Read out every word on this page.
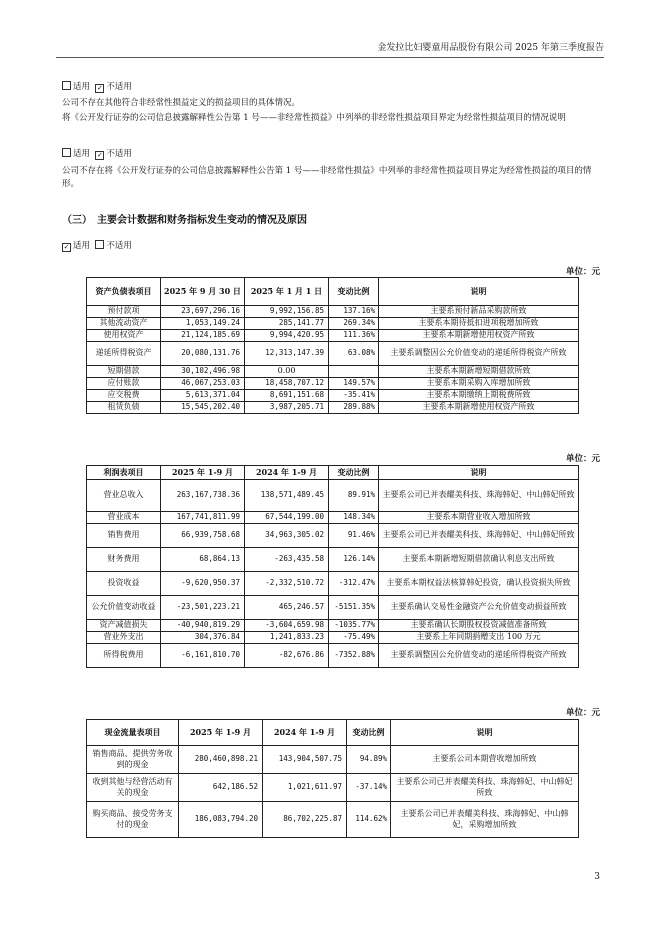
金发拉比妇婴童用品股份有限公司 2025 年第三季度报告
适用 ✓ 不适用
公司不存在其他符合非经常性损益定义的损益项目的具体情况。
将《公开发行证券的公司信息披露解释性公告第 1 号——非经常性损益》中列举的非经常性损益项目界定为经常性损益项目的情况说明
适用 ✓ 不适用
公司不存在将《公开发行证券的公司信息披露解释性公告第 1 号——非经常性损益》中列举的非经常性损益项目界定为经常性损益的项目的情形。
（三）　主要会计数据和财务指标发生变动的情况及原因
✓ 适用 不适用
单位：元
资产负债表项目	2025 年 9 月 30 日	2025 年 1 月 1 日	变动比例	说明
预付款项	23,697,296.16	9,992,156.85	137.16%	主要系预付新品采购款所致
其他流动资产	1,053,149.24	285,141.77	269.34%	主要系本期待抵扣进项税增加所致
使用权资产	21,124,185.69	9,994,420.95	111.36%	主要系本期新增使用权资产所致
递延所得税资产	20,080,131.76	12,313,147.39	63.08%	主要系调整因公允价值变动的递延所得税资产所致
短期借款	30,102,496.98	0.00		主要系本期新增短期借款所致
应付账款	46,067,253.03	18,458,707.12	149.57%	主要系本期采购入库增加所致
应交税费	5,613,371.04	8,691,151.68	-35.41%	主要系本期缴纳上期税费所致
租赁负债	15,545,202.40	3,987,205.71	289.88%	主要系本期新增使用权资产所致
单位：元
利润表项目	2025 年 1-9 月	2024 年 1-9 月	变动比例	说明
营业总收入	263,167,738.36	138,571,489.45	89.91%	主要系公司已并表耀美科技、珠海韩妃、中山韩妃所致
营业成本	167,741,811.99	67,544,199.00	148.34%	主要系本期营业收入增加所致
销售费用	66,939,758.68	34,963,305.02	91.46%	主要系公司已并表耀美科技、珠海韩妃、中山韩妃所致
财务费用	68,864.13	-263,435.58	126.14%	主要系本期新增短期借款确认利息支出所致
投资收益	-9,620,950.37	-2,332,510.72	-312.47%	主要系本期权益法核算韩妃投资，确认投资损失所致
公允价值变动收益	-23,501,223.21	465,246.57	-5151.35%	主要系确认交易性金融资产公允价值变动损益所致
资产减值损失	-40,940,819.29	-3,604,659.98	-1035.77%	主要系确认长期股权投资减值准备所致
营业外支出	304,376.84	1,241,833.23	-75.49%	主要系上年同期捐赠支出 100 万元
所得税费用	-6,161,810.70	-82,676.86	-7352.88%	主要系调整因公允价值变动的递延所得税资产所致
单位：元
现金流量表项目	2025 年 1-9 月	2024 年 1-9 月	变动比例	说明
销售商品、提供劳务收到的现金	280,460,898.21	143,904,507.75	94.89%	主要系公司本期营收增加所致
收到其他与经营活动有关的现金	642,186.52	1,021,611.97	-37.14%	主要系公司已并表耀美科技、珠海韩妃、中山韩妃所致
购买商品、接受劳务支付的现金	186,083,794.20	86,702,225.87	114.62%	主要系公司已并表耀美科技、珠海韩妃、中山韩妃，采购增加所致
3
